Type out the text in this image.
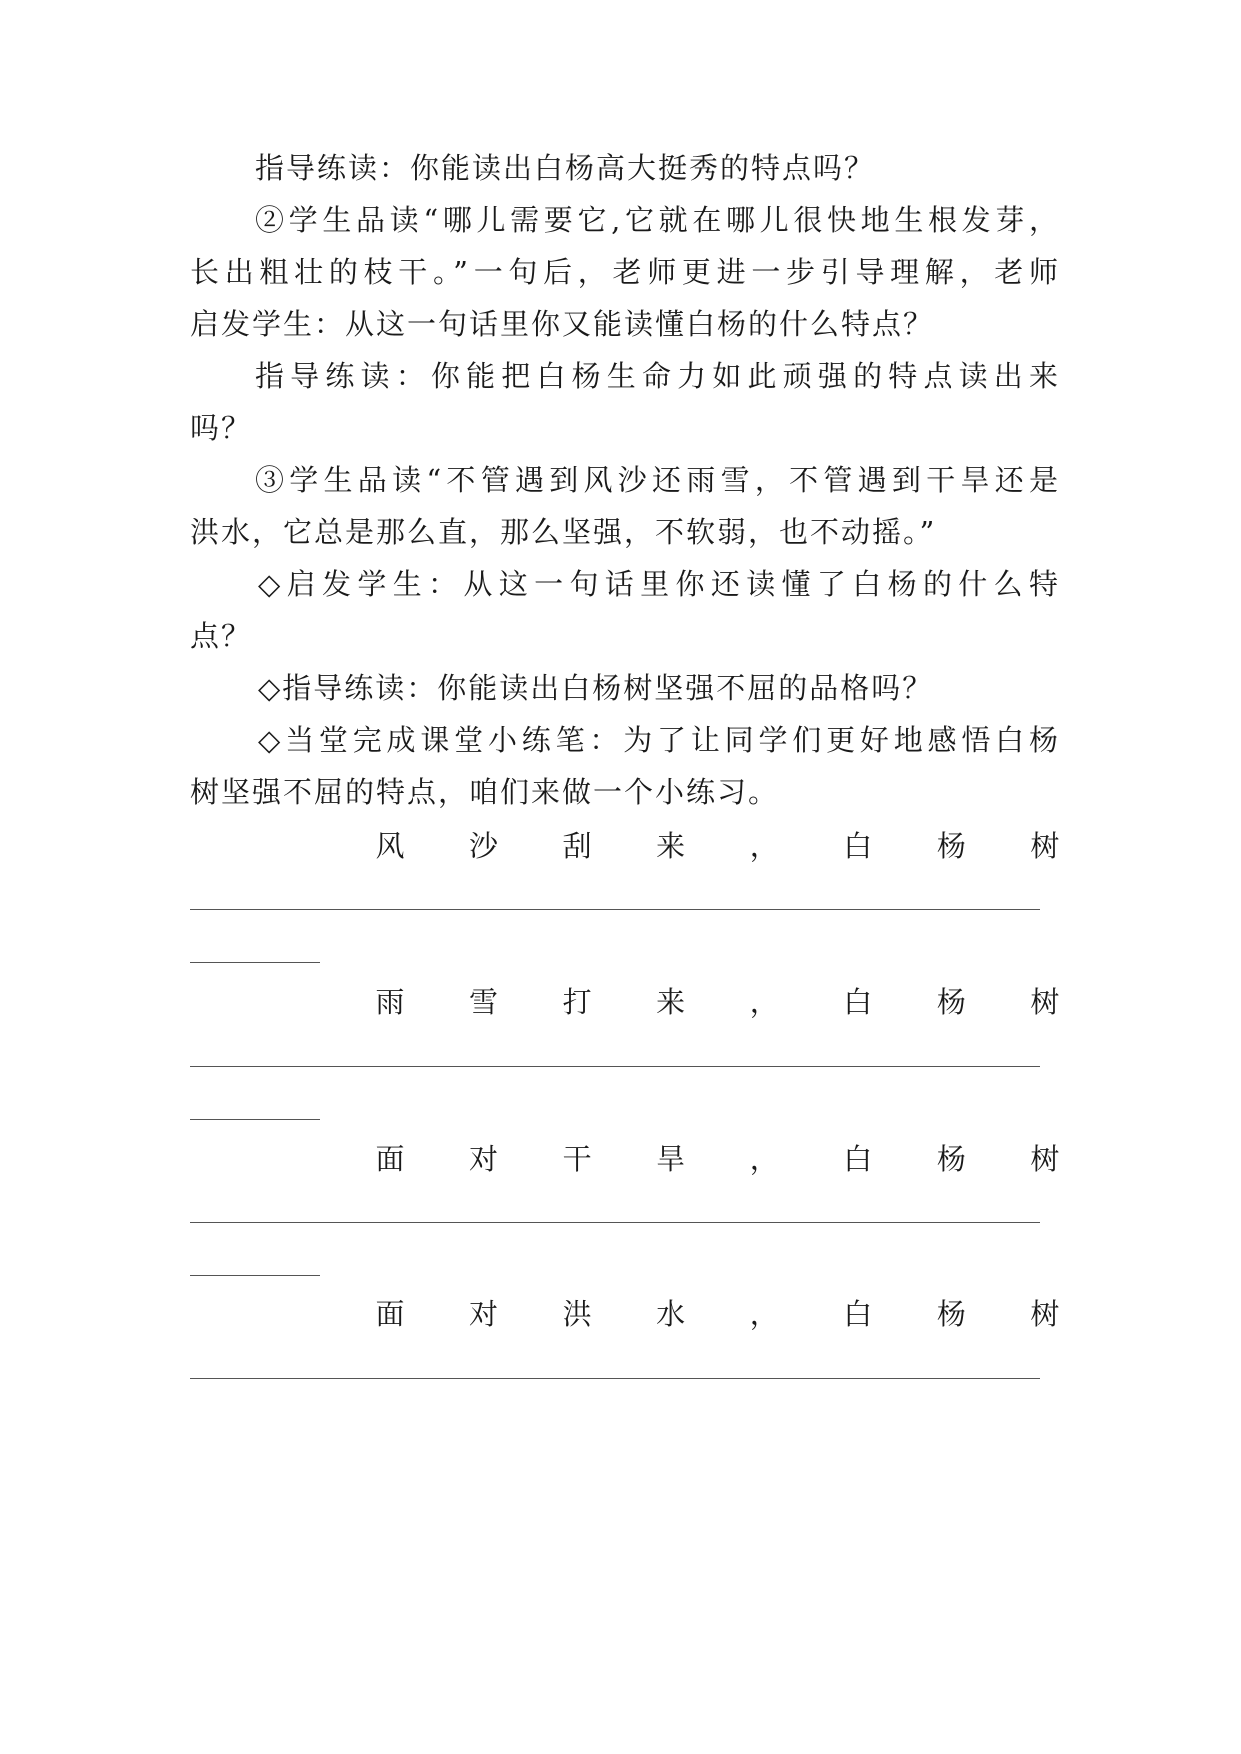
指导练读：你能读出白杨高大挺秀的特点吗？
②学生品读“哪儿需要它,它就在哪儿很快地生根发芽，
长出粗壮的枝干。”一句后，老师更进一步引导理解，老师
启发学生：从这一句话里你又能读懂白杨的什么特点？
指导练读：你能把白杨生命力如此顽强的特点读出来
吗？
③学生品读“不管遇到风沙还雨雪，不管遇到干旱还是
洪水，它总是那么直，那么坚强，不软弱，也不动摇。”
◇启发学生：从这一句话里你还读懂了白杨的什么特
点？
◇指导练读：你能读出白杨树坚强不屈的品格吗？
◇当堂完成课堂小练笔：为了让同学们更好地感悟白杨
树坚强不屈的特点，咱们来做一个小练习。
风 沙 刮 来 ， 白 杨 树
雨 雪 打 来 ， 白 杨 树
面 对 干 旱 ， 白 杨 树
面 对 洪 水 ， 白 杨 树
